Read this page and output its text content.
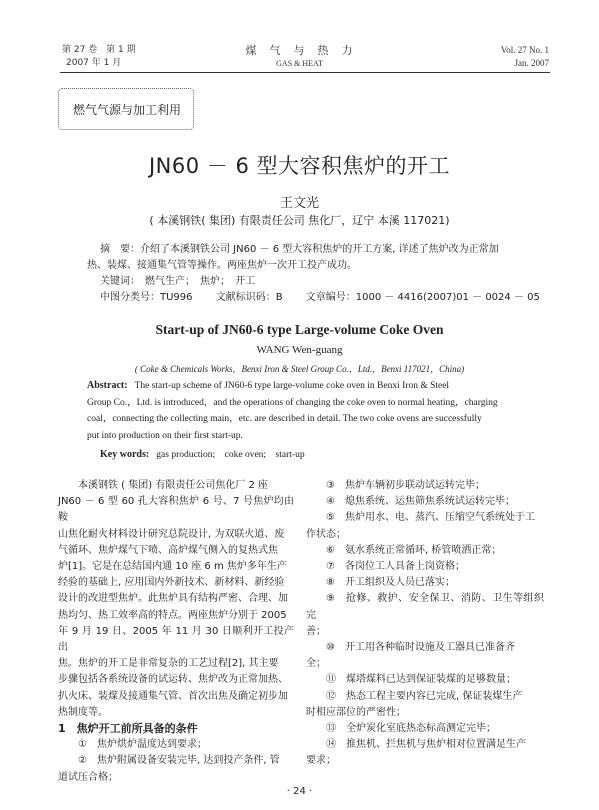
第 27 卷　第 1 期
2007 年 1 月
煤　气　与　热　力
GAS & HEAT
Vol. 27 No. 1
Jan. 2007
燃气气源与加工利用
JN60 － 6 型大容积焦炉的开工
王文光
( 本溪钢铁( 集团) 有限责任公司 焦化厂，辽宁 本溪 117021)
摘　要：介绍了本溪钢铁公司 JN60 － 6 型大容积焦炉的开工方案, 详述了焦炉改为正常加
热、装煤、接通集气管等操作。两座焦炉一次开工投产成功。
关键词：　燃气生产；　焦炉；　开工
中图分类号：TU996　　 文献标识码：B　　 文章编号：1000 － 4416(2007)01 － 0024 － 05
Start-up of JN60-6 type Large-volume Coke Oven
WANG Wen-guang
( Coke & Chemicals Works，Benxi Iron & Steel Group Co.，Ltd.，Benxi 117021，China)
Abstract: The start-up scheme of JN60-6 type large-volume coke oven in Benxi Iron & Steel
Group Co.，Ltd. is introduced，and the operations of changing the coke oven to normal heating，charging
coal，connecting the collecting main，etc. are described in detail. The two coke ovens are successfully
put into production on their first start-up.
Key words: gas production;　coke oven;　start-up

本溪钢铁 ( 集团) 有限责任公司焦化厂 2 座

JN60 － 6 型 60 孔大容积焦炉 6 号、7 号焦炉均由鞍

山焦化耐火材料设计研究总院设计, 为双联火道、废

气循环、焦炉煤气下喷、高炉煤气侧入的复热式焦

炉[1]。它是在总结国内通 10 座 6 m 焦炉多年生产

经验的基础上, 应用国内外新技术、新材料、新经验

设计的改进型焦炉。此焦炉具有结构严密、合理、加

热均匀、热工效率高的特点。两座焦炉分别于 2005

年 9 月 19 日、2005 年 11 月 30 日顺利开工投产出

焦。焦炉的开工是非常复杂的工艺过程[2], 其主要

步骤包括各系统设备的试运转、焦炉改为正常加热、

扒火床、装煤及接通集气管、首次出焦及确定初步加

热制度等。

1　焦炉开工前所具备的条件

①　焦炉烘炉温度达到要求；

②　焦炉附属设备安装完毕, 达到投产条件, 管

道试压合格；

③　焦炉车辆初步联动试运转完毕；

④　熄焦系统、运焦筛焦系统试运转完毕；

⑤　焦炉用水、电、蒸汽、压缩空气系统处于工

作状态；

⑥　氨水系统正常循环, 桥管喷洒正常；

⑦　各岗位工人具备上岗资格；

⑧　开工组织及人员已落实；

⑨　抢修、救护、安全保卫、消防、卫生等组织完

善；

⑩　开工用各种临时设施及工器具已准备齐

全；

⑪　煤塔煤料已达到保证装煤的足够数量；

⑫　热态工程主要内容已完成, 保证装煤生产

时相应部位的严密性；

⑬　全炉炭化室底热态标高测定完毕；

⑭　推焦机、拦焦机与焦炉相对位置满足生产

要求；

· 24 ·
